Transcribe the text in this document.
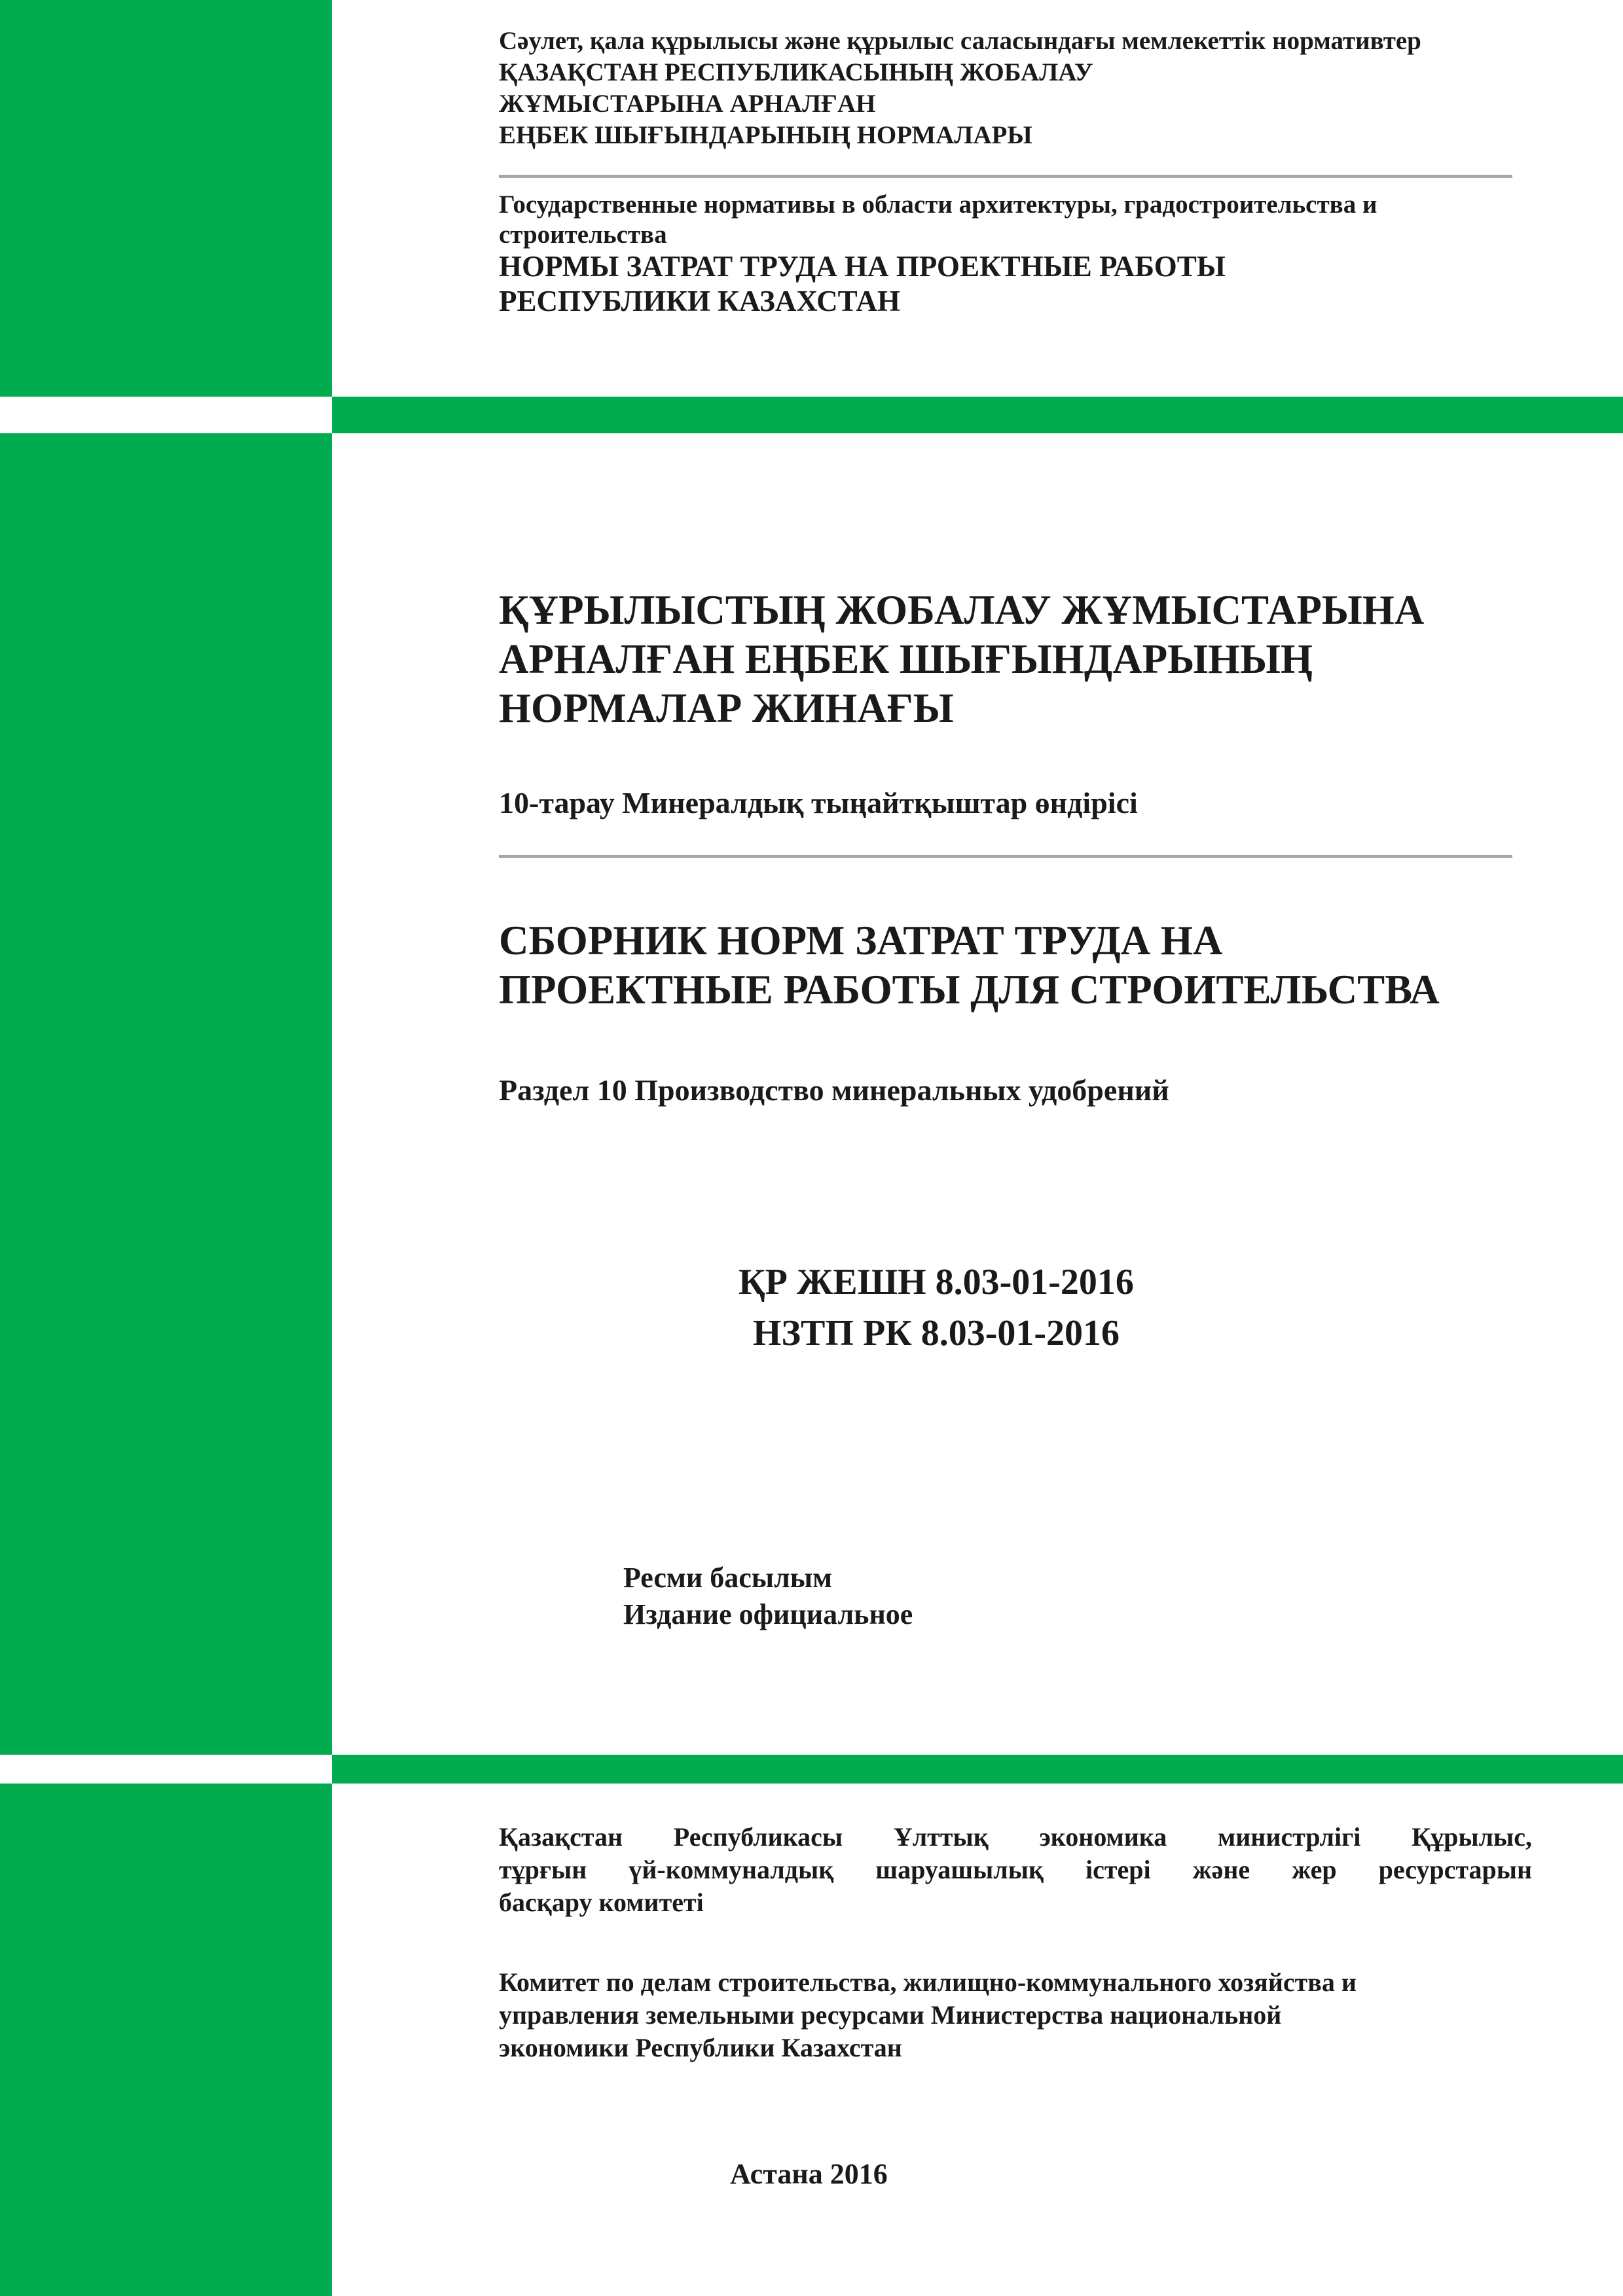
Сәулет, қала құрылысы және құрылыс саласындағы мемлекеттік нормативтер
ҚАЗАҚСТАН РЕСПУБЛИКАСЫНЫҢ ЖОБАЛАУ
ЖҰМЫСТАРЫНА АРНАЛҒАН
ЕҢБЕК ШЫҒЫНДАРЫНЫҢ НОРМАЛАРЫ
Государственные нормативы в области архитектуры, градостроительства и
строительства
НОРМЫ ЗАТРАТ ТРУДА НА ПРОЕКТНЫЕ РАБОТЫ
РЕСПУБЛИКИ КАЗАХСТАН
ҚҰРЫЛЫСТЫҢ ЖОБАЛАУ ЖҰМЫСТАРЫНА
АРНАЛҒАН ЕҢБЕК ШЫҒЫНДАРЫНЫҢ
НОРМАЛАР ЖИНАҒЫ
10-тарау Минералдық тыңайтқыштар өндірісі
СБОРНИК НОРМ ЗАТРАТ ТРУДА НА
ПРОЕКТНЫЕ РАБОТЫ ДЛЯ СТРОИТЕЛЬСТВА
Раздел 10 Производство минеральных удобрений
ҚР ЖЕШН 8.03-01-2016
НЗТП РК 8.03-01-2016
Ресми басылым
Издание официальное
Қазақстан Республикасы Ұлттық экономика министрлігі Құрылыс,
тұрғын үй-коммуналдық шаруашылық істері және жер ресурстарын
басқару комитеті
Комитет по делам строительства, жилищно-коммунального хозяйства и
управления земельными ресурсами Министерства национальной
экономики Республики Казахстан
Астана 2016
